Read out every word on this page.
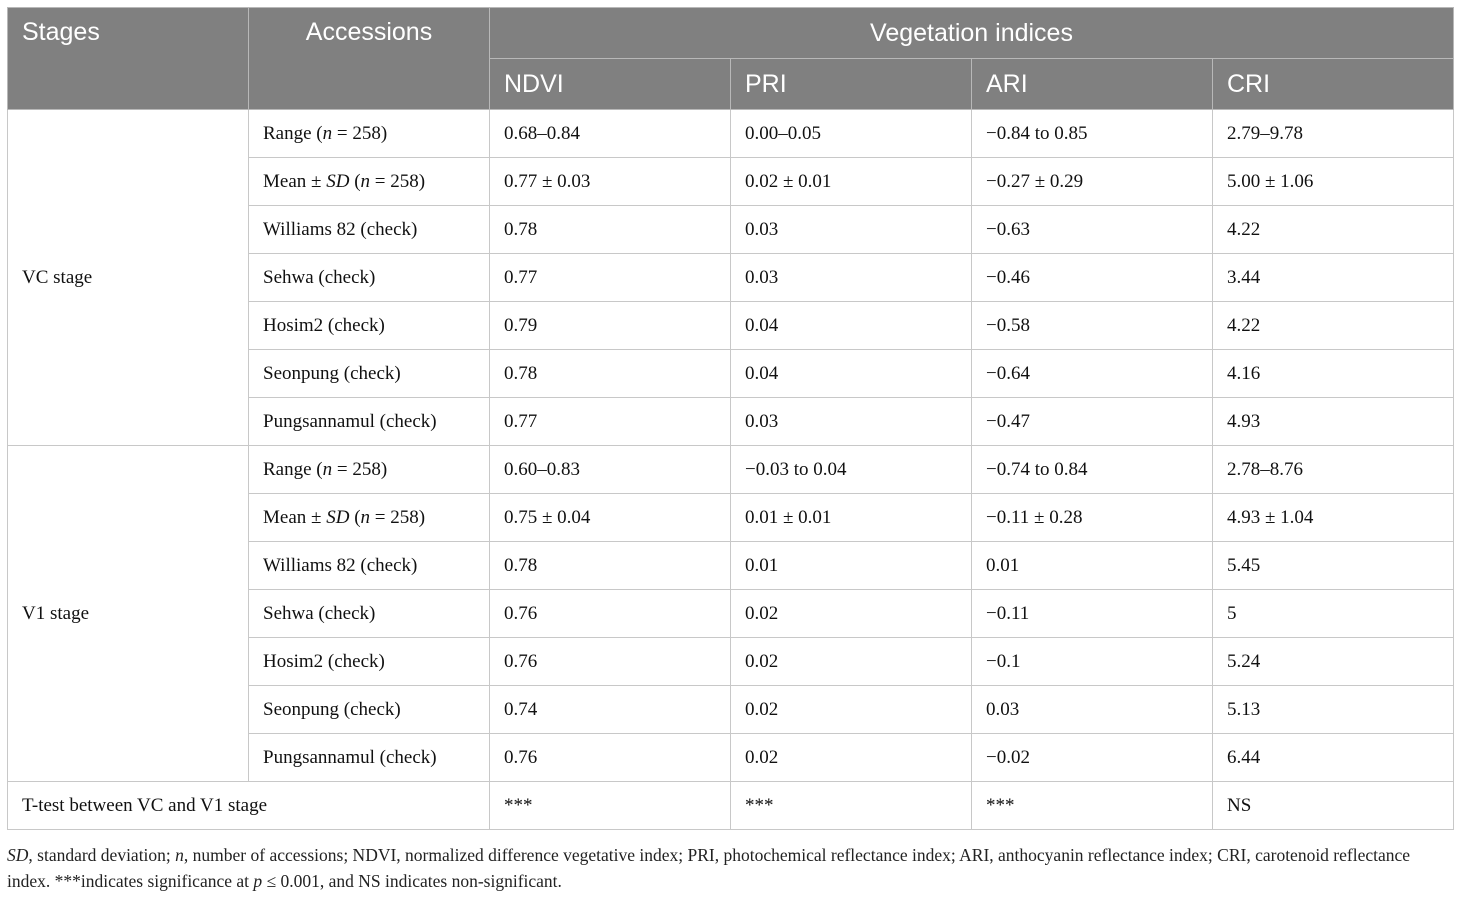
Stages	Accessions	Vegetation indices			
		NDVI	PRI	ARI	CRI
VC stage	Range (n = 258)	0.68–0.84	0.00–0.05	−0.84 to 0.85	2.79–9.78
	Mean ± SD (n = 258)	0.77 ± 0.03	0.02 ± 0.01	−0.27 ± 0.29	5.00 ± 1.06
	Williams 82 (check)	0.78	0.03	−0.63	4.22
	Sehwa (check)	0.77	0.03	−0.46	3.44
	Hosim2 (check)	0.79	0.04	−0.58	4.22
	Seonpung (check)	0.78	0.04	−0.64	4.16
	Pungsannamul (check)	0.77	0.03	−0.47	4.93
V1 stage	Range (n = 258)	0.60–0.83	−0.03 to 0.04	−0.74 to 0.84	2.78–8.76
	Mean ± SD (n = 258)	0.75 ± 0.04	0.01 ± 0.01	−0.11 ± 0.28	4.93 ± 1.04
	Williams 82 (check)	0.78	0.01	0.01	5.45
	Sehwa (check)	0.76	0.02	−0.11	5
	Hosim2 (check)	0.76	0.02	−0.1	5.24
	Seonpung (check)	0.74	0.02	0.03	5.13
	Pungsannamul (check)	0.76	0.02	−0.02	6.44
T-test between VC and V1 stage		***	***	***	NS
SD, standard deviation; n, number of accessions; NDVI, normalized difference vegetative index; PRI, photochemical reflectance index; ARI, anthocyanin reflectance index; CRI, carotenoid reflectance index. ***indicates significance at p ≤ 0.001, and NS indicates non-significant.
